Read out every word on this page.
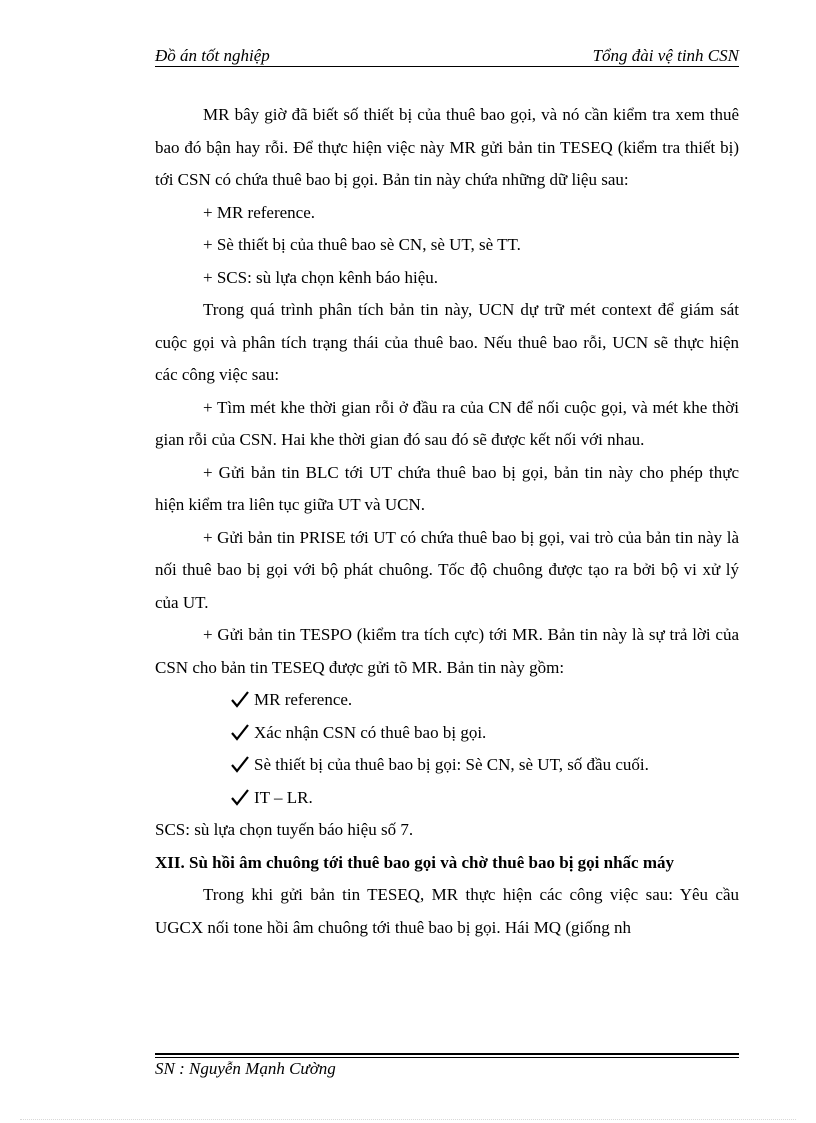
Đồ án tốt nghiệp	Tổng đài vệ tinh CSN

MR bây giờ đã biết số thiết bị của thuê bao gọi, và nó cần kiểm tra xem thuê bao đó bận hay rỗi. Để thực hiện việc này MR gửi bản tin TESEQ (kiểm tra thiết bị) tới CSN có chứa thuê bao bị gọi. Bản tin này chứa những dữ liệu sau:

+ MR reference.

+ Sè thiết bị của thuê bao sè CN, sè UT, sè TT.

+ SCS: sù lựa chọn kênh báo hiệu.

Trong quá trình phân tích bản tin này, UCN dự trữ mét context để giám sát cuộc gọi và phân tích trạng thái của thuê bao. Nếu thuê bao rỗi, UCN sẽ thực hiện các công việc sau:

+ Tìm mét khe thời gian rỗi ở đầu ra của CN để nối cuộc gọi, và mét khe thời gian rỗi của CSN. Hai khe thời gian đó sau đó sẽ được kết nối với nhau.

+ Gửi bản tin BLC tới UT chứa thuê bao bị gọi, bản tin này cho phép thực hiện kiểm tra liên tục giữa UT và UCN.

+ Gửi bản tin PRISE tới UT có chứa thuê bao bị gọi, vai trò của bản tin này là nối thuê bao bị gọi với bộ phát chuông. Tốc độ chuông được tạo ra bởi bộ vi xử lý của UT.

+ Gửi bản tin TESPO (kiểm tra tích cực) tới MR. Bản tin này là sự trả lời của CSN cho bản tin TESEQ được gửi tõ MR. Bản tin này gồm:

MR reference.

Xác nhận CSN có thuê bao bị gọi.

Sè thiết bị của thuê bao bị gọi: Sè CN, sè UT, số đầu cuối.

IT – LR.

SCS: sù lựa chọn tuyến báo hiệu số 7.

XII. Sù hồi âm chuông tới thuê bao gọi và chờ thuê bao bị gọi nhấc máy

Trong khi gửi bản tin TESEQ, MR thực hiện các công việc sau: Yêu cầu UGCX nối tone hồi âm chuông tới thuê bao bị gọi. Hái MQ (giống nh

SN : Nguyễn Mạnh Cường
